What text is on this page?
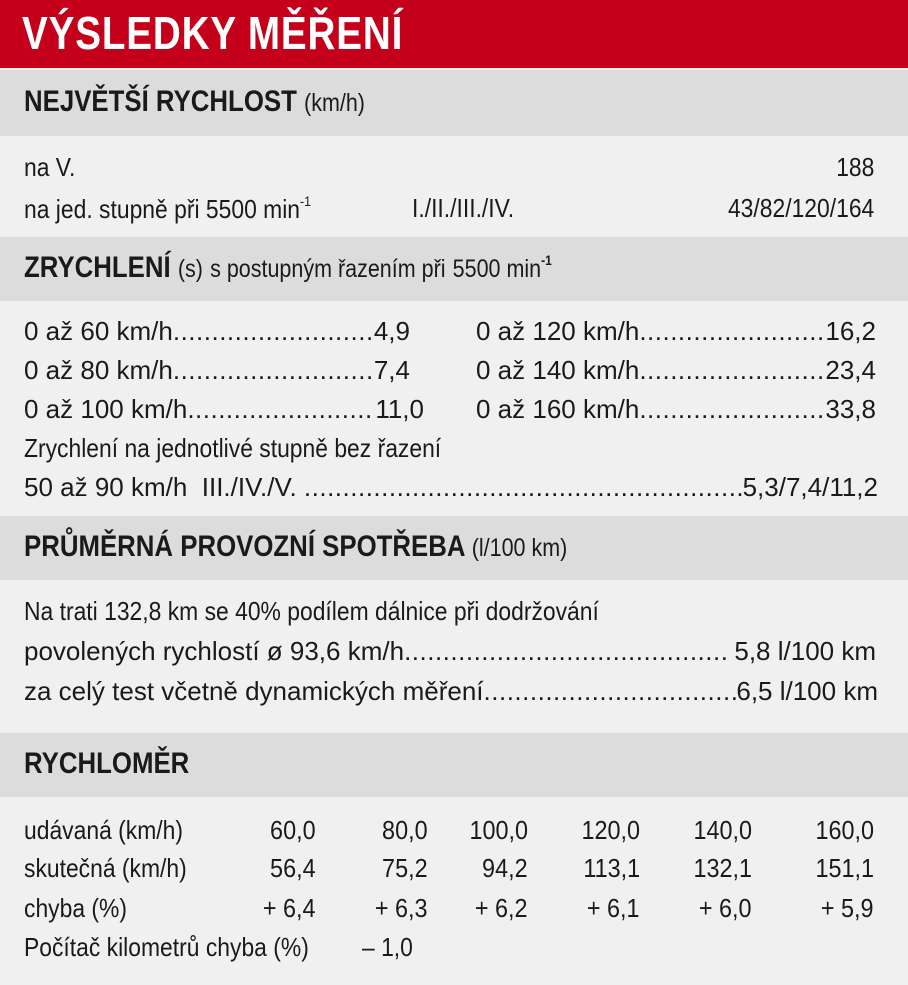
VÝSLEDKY MĚŘENÍ
NEJVĚTŠÍ RYCHLOST (km/h)
na V.	188
na jed. stupně při 5500 $\min^{-1}$	I./II./III./IV.	43/82/120/164
ZRYCHLENÍ (s) s postupným řazením při 5500 $\min^{-1}$
0 až 60 km/h .....	4,9
0 až 80 km/h .....	7,4
0 až 100 km/h .....	11,0
0 až 120 km/h .....	16,2
0 až 140 km/h .....	23,4
0 až 160 km/h .....	33,8
Zrychlení na jednotlivé stupně bez řazení
50 až 90 km/h  III./IV./V. .....	5,3/7,4/11,2
PRŮMĚRNÁ PROVOZNÍ SPOTŘEBA (l/100 km)
Na trati 132,8 km se 40% podílem dálnice při dodržování
povolených rychlostí ø 93,6 km/h .....	5,8 l/100 km
za celý test včetně dynamických měření .....	6,5 l/100 km
RYCHLOMĚR
udávaná (km/h)	60,0	80,0 100,0 120,0 140,0 160,0
skutečná (km/h)	56,4	75,2 94,2 113,1 132,1 151,1
chyba (%)	+ 6,4 + 6,3 + 6,2 + 6,1 + 6,0	+ 5,9
Počítač kilometrů chyba (%) – 1,0
